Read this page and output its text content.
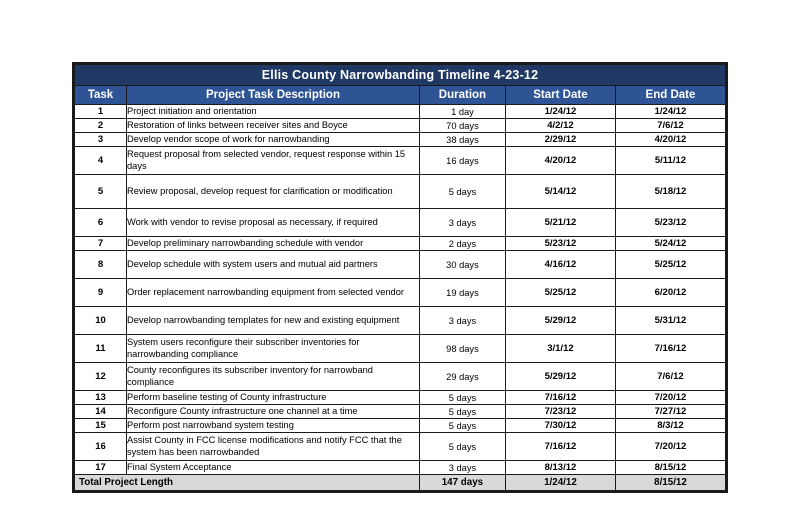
Ellis County Narrowbanding Timeline 4-23-12				
Task	Project Task Description	Duration	Start Date	End Date
1	Project initiation and orientation	1 day	1/24/12	1/24/12
2	Restoration of links between receiver sites and Boyce	70 days	4/2/12	7/6/12
3	Develop vendor scope of work for narrowbanding	38 days	2/29/12	4/20/12
4	Request proposal from selected vendor, request response within 15 days	16 days	4/20/12	5/11/12
5	Review proposal, develop request for clarification or modification	5 days	5/14/12	5/18/12
6	Work with vendor to revise proposal as necessary, if required	3 days	5/21/12	5/23/12
7	Develop preliminary narrowbanding schedule with vendor	2 days	5/23/12	5/24/12
8	Develop schedule with system users and mutual aid partners	30 days	4/16/12	5/25/12
9	Order replacement narrowbanding equipment from selected vendor	19 days	5/25/12	6/20/12
10	Develop narrowbanding templates for new and existing equipment	3 days	5/29/12	5/31/12
11	System users reconfigure their subscriber inventories for narrowbanding compliance	98 days	3/1/12	7/16/12
12	County reconfigures its subscriber inventory for narrowband compliance	29 days	5/29/12	7/6/12
13	Perform baseline testing of County infrastructure	5 days	7/16/12	7/20/12
14	Reconfigure County infrastructure one channel at a time	5 days	7/23/12	7/27/12
15	Perform post narrowband system testing	5 days	7/30/12	8/3/12
16	Assist County in FCC license modifications and notify FCC that the system has been narrowbanded	5 days	7/16/12	7/20/12
17	Final System Acceptance	3 days	8/13/12	8/15/12
Total Project Length		147 days	1/24/12	8/15/12
